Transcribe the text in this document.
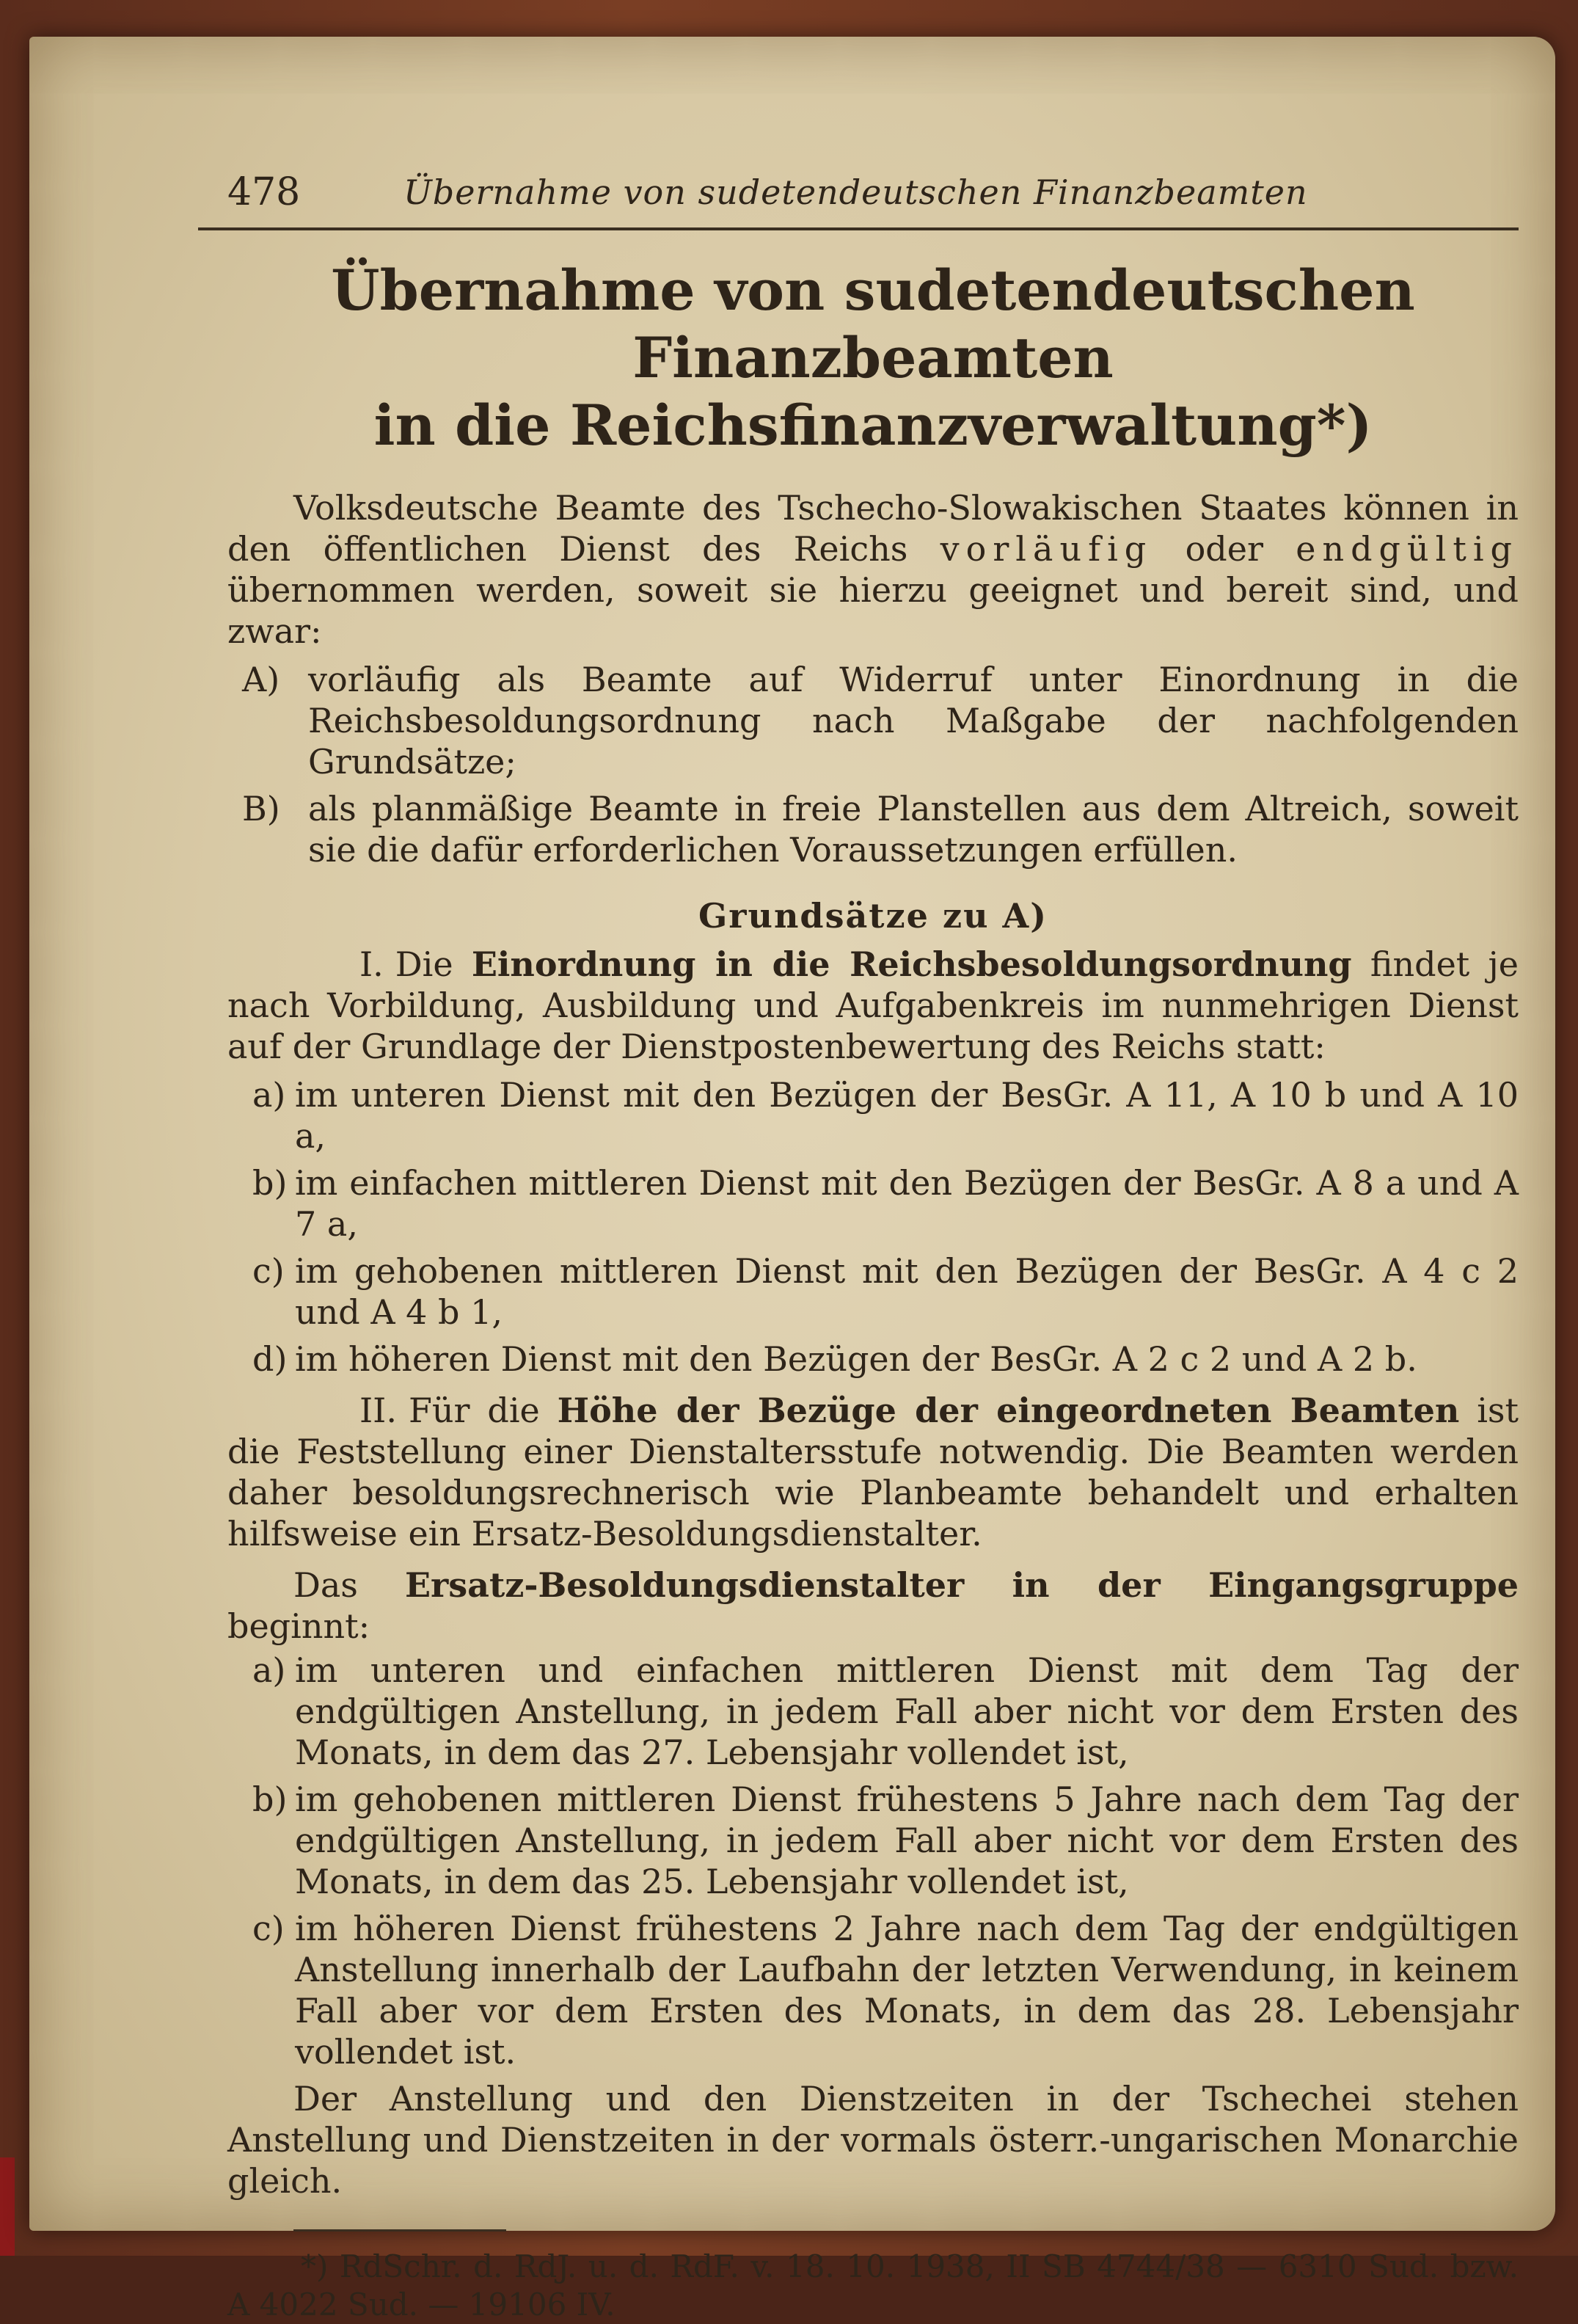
478	Übernahme von sudetendeutschen Finanzbeamten
Übernahme von sudetendeutschen Finanzbeamten
in die Reichsfinanzverwaltung*)

Volksdeutsche Beamte des Tschecho-Slowakischen Staates können in den öffentlichen Dienst des Reichs vorläufig oder endgültig übernommen werden, soweit sie hierzu geeignet und bereit sind, und zwar:

A) vorläufig als Beamte auf Widerruf unter Einordnung in die Reichsbesoldungsordnung nach Maßgabe der nachfolgenden Grundsätze;
B) als planmäßige Beamte in freie Planstellen aus dem Altreich, soweit sie die dafür erforderlichen Voraussetzungen erfüllen.
Grundsätze zu A)

I. Die Einordnung in die Reichsbesoldungsordnung findet je nach Vorbildung, Ausbildung und Aufgabenkreis im nunmehrigen Dienst auf der Grundlage der Dienstpostenbewertung des Reichs statt:

a) im unteren Dienst mit den Bezügen der BesGr. A 11, A 10 b und A 10 a,
b) im einfachen mittleren Dienst mit den Bezügen der BesGr. A 8 a und A 7 a,
c) im gehobenen mittleren Dienst mit den Bezügen der BesGr. A 4 c 2 und A 4 b 1,
d) im höheren Dienst mit den Bezügen der BesGr. A 2 c 2 und A 2 b.

II. Für die Höhe der Bezüge der eingeordneten Beamten ist die Feststellung einer Dienstaltersstufe notwendig. Die Beamten werden daher besoldungsrechnerisch wie Planbeamte behandelt und erhalten hilfsweise ein Ersatz-Besoldungsdienstalter.

Das Ersatz-Besoldungsdienstalter in der Eingangsgruppe beginnt:

a) im unteren und einfachen mittleren Dienst mit dem Tag der endgültigen Anstellung, in jedem Fall aber nicht vor dem Ersten des Monats, in dem das 27. Lebensjahr vollendet ist,
b) im gehobenen mittleren Dienst frühestens 5 Jahre nach dem Tag der endgültigen Anstellung, in jedem Fall aber nicht vor dem Ersten des Monats, in dem das 25. Lebensjahr vollendet ist,
c) im höheren Dienst frühestens 2 Jahre nach dem Tag der endgültigen Anstellung innerhalb der Laufbahn der letzten Verwendung, in keinem Fall aber vor dem Ersten des Monats, in dem das 28. Lebensjahr vollendet ist.

Der Anstellung und den Dienstzeiten in der Tschechei stehen Anstellung und Dienstzeiten in der vormals österr.-ungarischen Monarchie gleich.

*) RdSchr. d. RdJ. u. d. RdF. v. 18. 10. 1938, II SB 4744/38 — 6310 Sud. bzw. A 4022 Sud. — 19106 IV.
